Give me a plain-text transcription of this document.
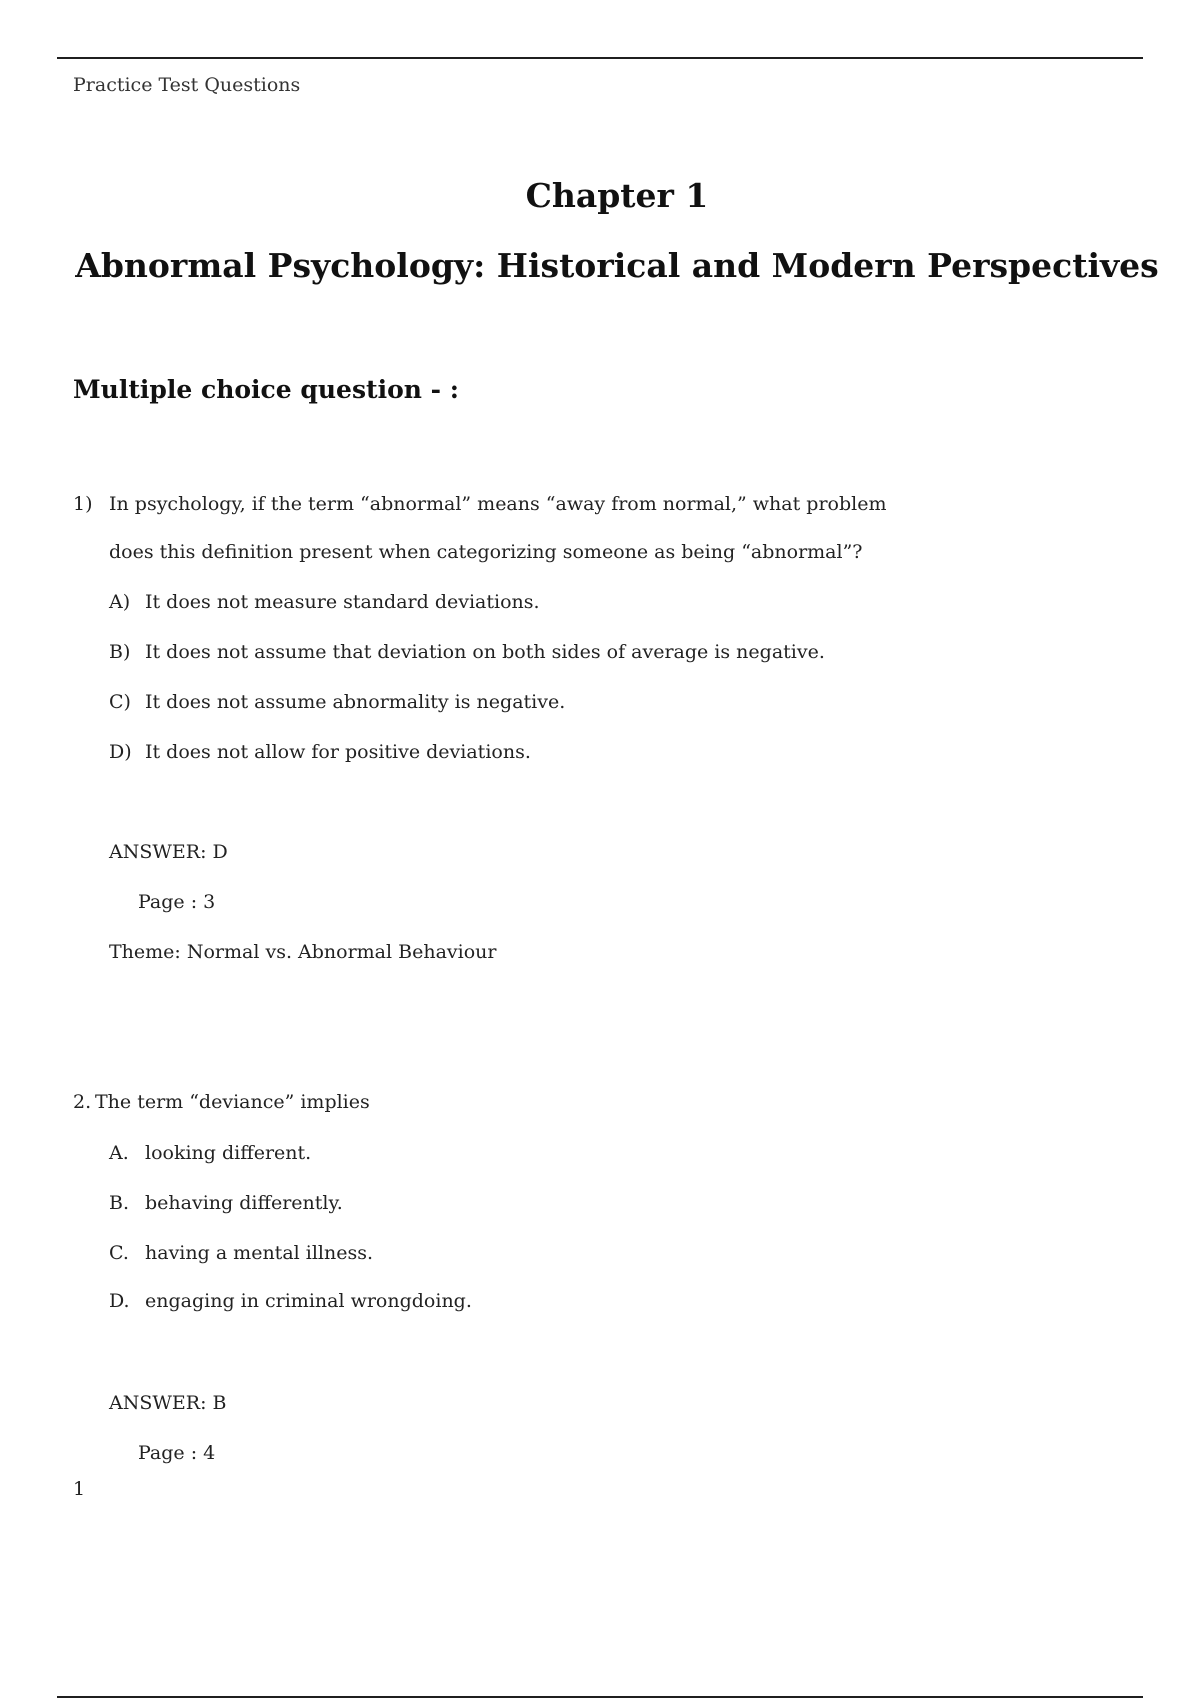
Practice Test Questions
Chapter 1
Abnormal Psychology: Historical and Modern Perspectives
Multiple choice question - :
1) In psychology, if the term “abnormal” means “away from normal,” what problem
does this definition present when categorizing someone as being “abnormal”?
A) It does not measure standard deviations.
B) It does not assume that deviation on both sides of average is negative.
C) It does not assume abnormality is negative.
D) It does not allow for positive deviations.
ANSWER: D
Page : 3
Theme: Normal vs. Abnormal Behaviour
2. The term “deviance” implies
A. looking different.
B. behaving differently.
C. having a mental illness.
D. engaging in criminal wrongdoing.
ANSWER: B
Page : 4
1
